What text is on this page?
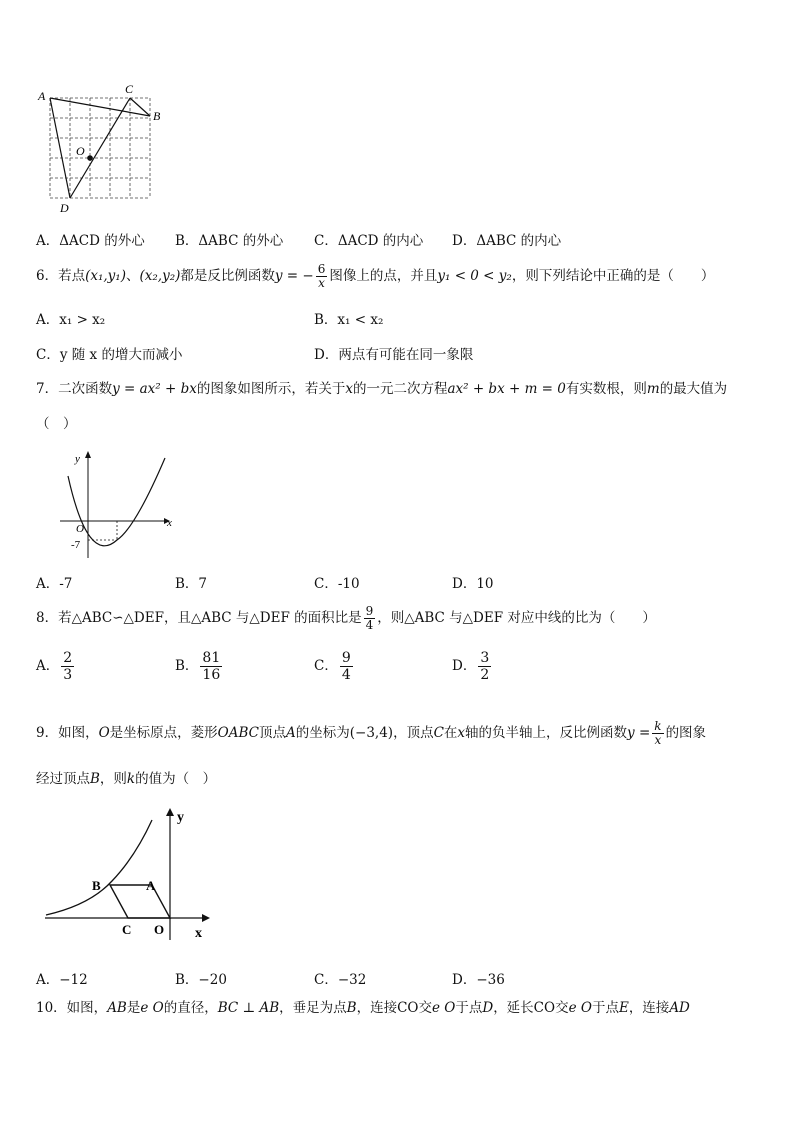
A	C
B
O
D
A．ΔACD 的外心 B．ΔABC 的外心 C．ΔACD 的内心 D．ΔABC 的内心
6．若点(x₁,y₁)、(x₂,y₂)都是反比例函数y = − $\frac{6}{x}$ 图像上的点，并且y₁ < 0 < y₂，则下列结论中正确的是（　　）
A．x₁ > x₂	B．x₁ < x₂
C．y 随 x 的增大而减小	D．两点有可能在同一象限
7．二次函数y = ax² + bx的图象如图所示，若关于x的一元二次方程ax² + bx + m = 0有实数根，则m的最大值为
（　）
y
x
O
-7
A．-7	B．7	C．-10	D．10
8．若△ABC∽△DEF，且△ABC 与△DEF 的面积比是 $\frac{9}{4}$ ，则△ABC 与△DEF 对应中线的比为（　　）
A． $\frac{2}{3}$	B． $\frac{81}{16}$	C． $\frac{9}{4}$	D． $\frac{3}{2}$
9．如图，O是坐标原点，菱形OABC顶点A的坐标为(−3,4)，顶点C在x轴的负半轴上，反比例函数$y = \frac{k}{x}$ 的图象
经过顶点B，则k的值为（　）
y
x
B	A
C O
A．−12	B．−20	C．−32	D．−36
10．如图，AB是e O的直径，BC ⊥ AB，垂足为点B，连接CO交e O于点D，延长CO交e O于点E，连接AD
